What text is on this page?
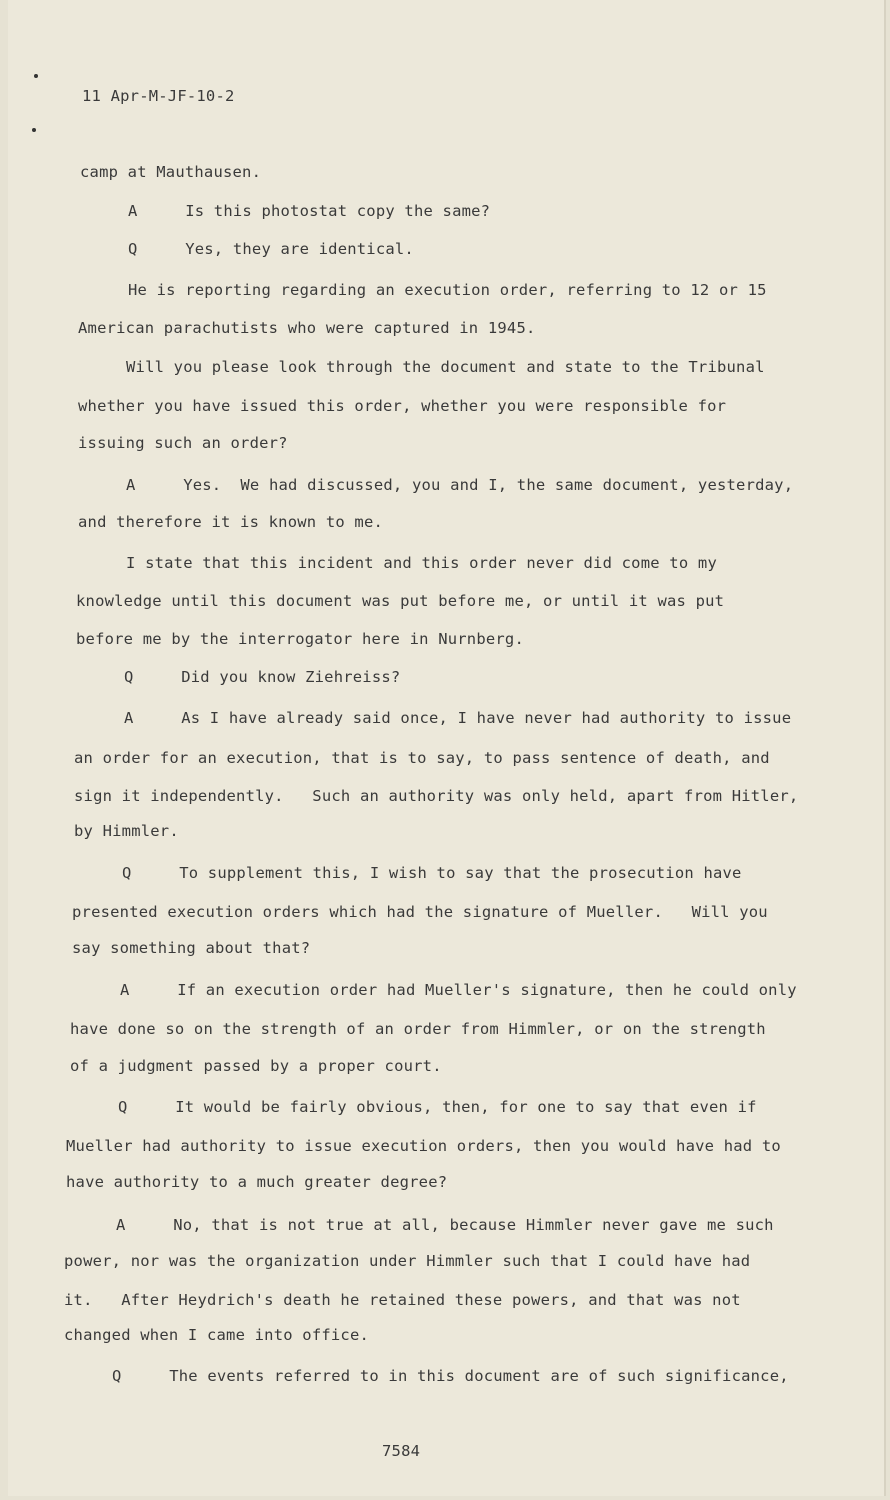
11 Apr-M-JF-10-2
camp at Mauthausen.
A     Is this photostat copy the same?
Q     Yes, they are identical.
He is reporting regarding an execution order, referring to 12 or 15
American parachutists who were captured in 1945.
Will you please look through the document and state to the Tribunal
whether you have issued this order, whether you were responsible for
issuing such an order?
A     Yes.  We had discussed, you and I, the same document, yesterday,
and therefore it is known to me.
I state that this incident and this order never did come to my
knowledge until this document was put before me, or until it was put
before me by the interrogator here in Nurnberg.
Q     Did you know Ziehreiss?
A     As I have already said once, I have never had authority to issue
an order for an execution, that is to say, to pass sentence of death, and
sign it independently.   Such an authority was only held, apart from Hitler,
by Himmler.
Q     To supplement this, I wish to say that the prosecution have
presented execution orders which had the signature of Mueller.   Will you
say something about that?
A     If an execution order had Mueller's signature, then he could only
have done so on the strength of an order from Himmler, or on the strength
of a judgment passed by a proper court.
Q     It would be fairly obvious, then, for one to say that even if
Mueller had authority to issue execution orders, then you would have had to
have authority to a much greater degree?
A     No, that is not true at all, because Himmler never gave me such
power, nor was the organization under Himmler such that I could have had
it.   After Heydrich's death he retained these powers, and that was not
changed when I came into office.
Q     The events referred to in this document are of such significance,
7584
